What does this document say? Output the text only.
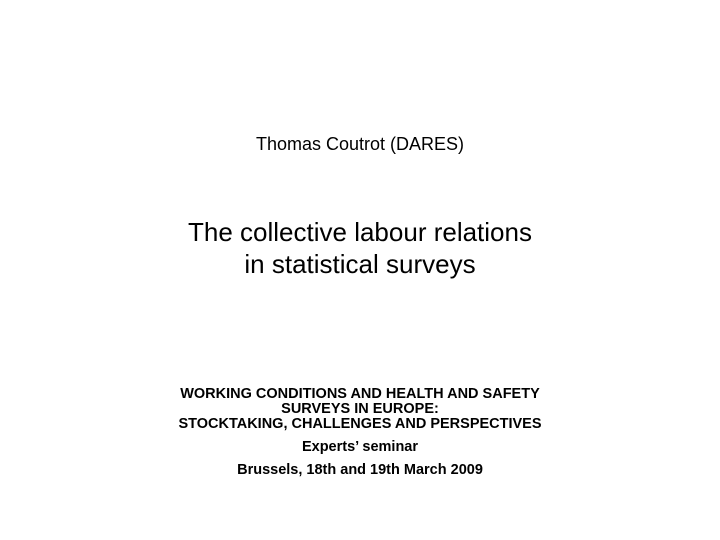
Thomas Coutrot (DARES)
The collective labour relations
in statistical surveys
WORKING CONDITIONS AND HEALTH AND SAFETY
SURVEYS IN EUROPE:
STOCKTAKING, CHALLENGES AND PERSPECTIVES
Experts’ seminar
Brussels, 18th and 19th March 2009
